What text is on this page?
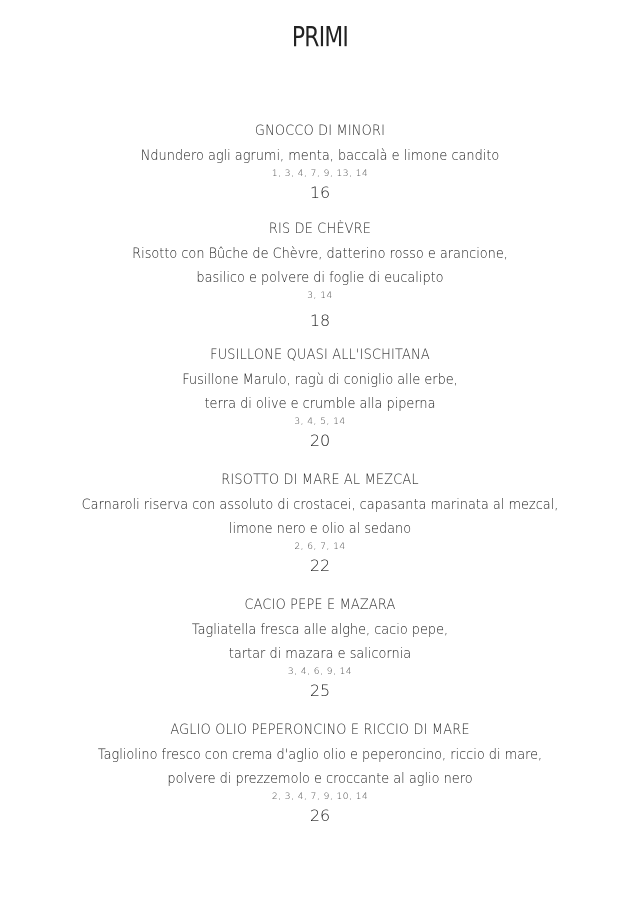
PRIMI
GNOCCO DI MINORI
Ndundero agli agrumi, menta, baccalà e limone candito
1, 3, 4, 7, 9, 13, 14
16
RIS DE CHÈVRE
Risotto con Bûche de Chèvre, datterino rosso e arancione,
basilico e polvere di foglie di eucalipto
3, 14
18
FUSILLONE QUASI ALL'ISCHITANA
Fusillone Marulo, ragù di coniglio alle erbe,
terra di olive e crumble alla piperna
3, 4, 5, 14
20
RISOTTO DI MARE AL MEZCAL
Carnaroli riserva con assoluto di crostacei, capasanta marinata al mezcal,
limone nero e olio al sedano
2, 6, 7, 14
22
CACIO PEPE E MAZARA
Tagliatella fresca alle alghe, cacio pepe,
tartar di mazara e salicornia
3, 4, 6, 9, 14
25
AGLIO OLIO PEPERONCINO E RICCIO DI MARE
Tagliolino fresco con crema d'aglio olio e peperoncino, riccio di mare,
polvere di prezzemolo e croccante al aglio nero
2, 3, 4, 7, 9, 10, 14
26
